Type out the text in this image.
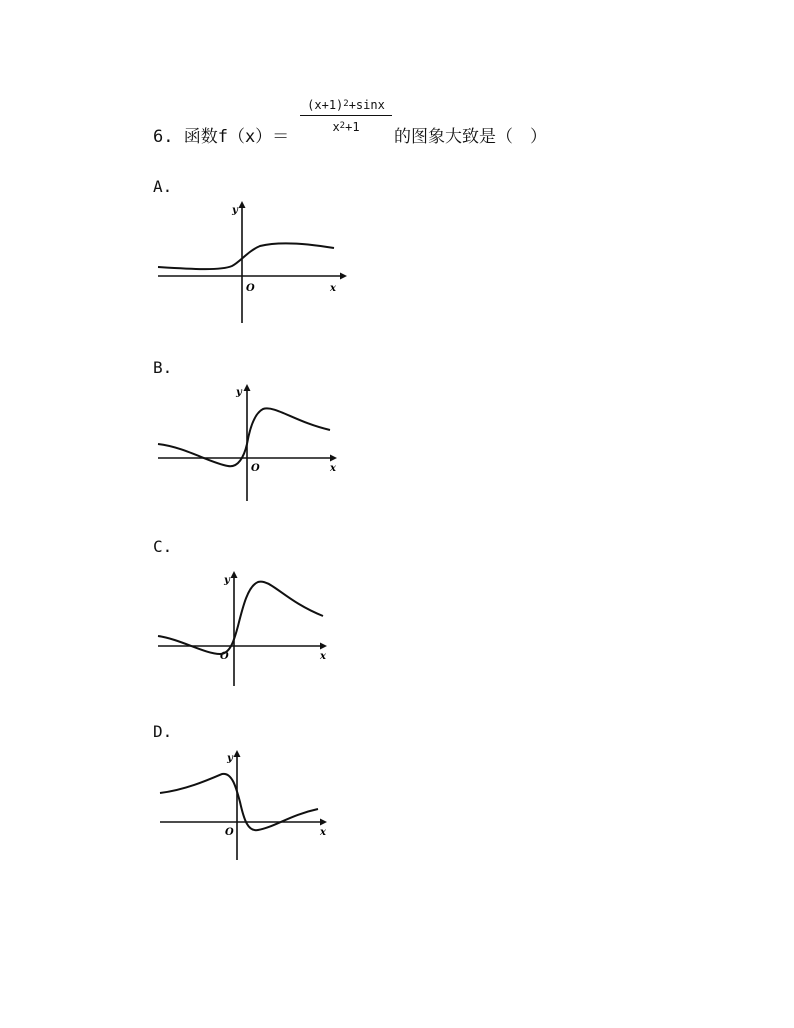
6. 函数f（x）＝
$(x+1)^2+\sin x$
$x^2+1$	的图象大致是（　）
A.
y
x
O
B.
y
x
O
C.
y
x
O
D.
y
x
O
